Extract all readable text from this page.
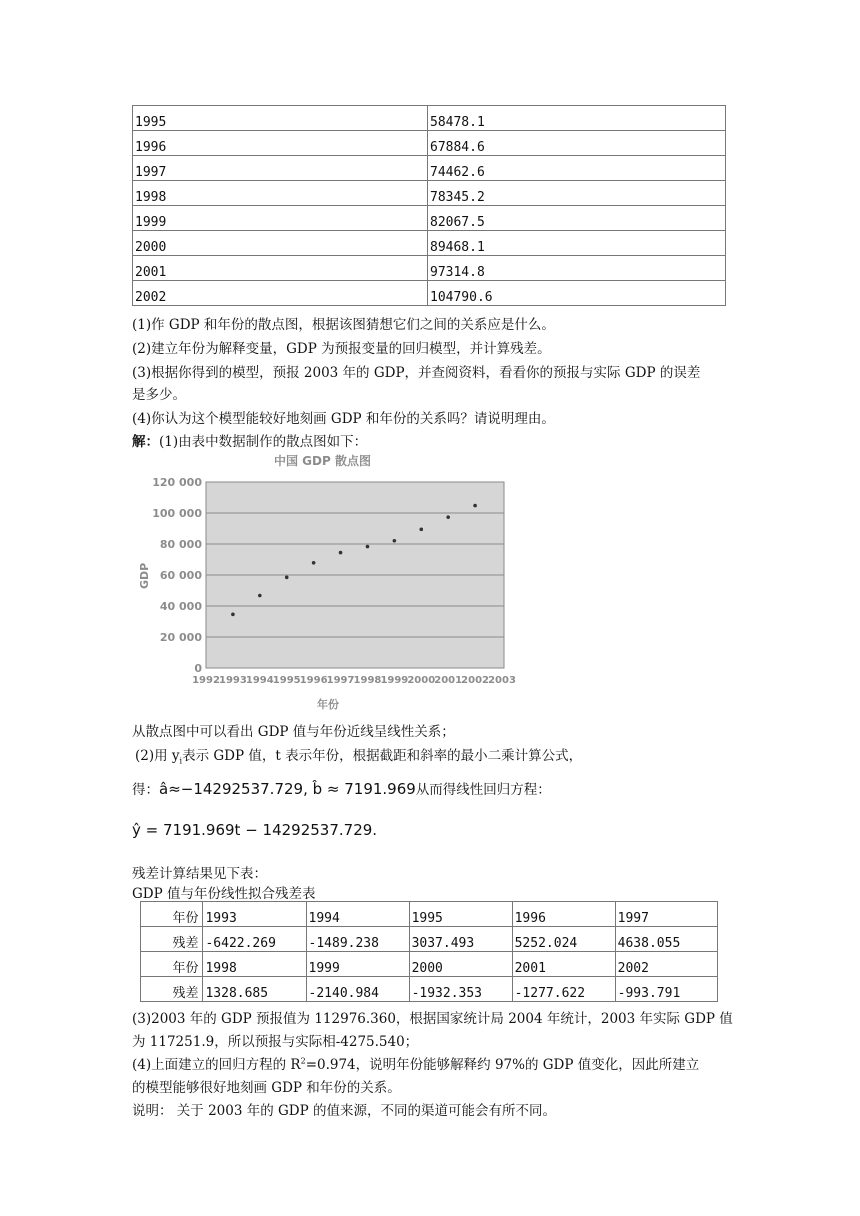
1995	58478.1
1996	67884.6
1997	74462.6
1998	78345.2
1999	82067.5
2000	89468.1
2001	97314.8
2002	104790.6
(1)作 GDP 和年份的散点图，根据该图猜想它们之间的关系应是什么。
(2)建立年份为解释变量，GDP 为预报变量的回归模型，并计算残差。
(3)根据你得到的模型，预报 2003 年的 GDP，并查阅资料，看看你的预报与实际 GDP 的误差
是多少。
(4)你认为这个模型能较好地刻画 GDP 和年份的关系吗？请说明理由。
解：(1)由表中数据制作的散点图如下：
中国 GDP 散点图
GDP
年份
0
20 000
40 000
60 000
80 000
100 000
120 000
1992 1993 1994 1995 1996 1997 1998 1999 2000 2001 2002 2003
从散点图中可以看出 GDP 值与年份近线呈线性关系；
(2)用 $y_i$表示 GDP 值，t 表示年份，根据截距和斜率的最小二乘计算公式，
得：â≈−14292537.729, b̂ ≈ 7191.969从而得线性回归方程：
ŷ = 7191.969t − 14292537.729.
残差计算结果见下表：
GDP 值与年份线性拟合残差表
年份	1993	1994	1995	1996	1997
残差	-6422.269	-1489.238	3037.493	5252.024	4638.055
年份	1998	1999	2000	2001	2002
残差	1328.685	-2140.984	-1932.353	-1277.622	-993.791
(3)2003 年的 GDP 预报值为 112976.360，根据国家统计局 2004 年统计，2003 年实际 GDP 值
为 117251.9，所以预报与实际相-4275.540；
(4)上面建立的回归方程的 $R^2=0.974$，说明年份能够解释约 97%的 GDP 值变化，因此所建立
的模型能够很好地刻画 GDP 和年份的关系。
说明： 关于 2003 年的 GDP 的值来源，不同的渠道可能会有所不同。
